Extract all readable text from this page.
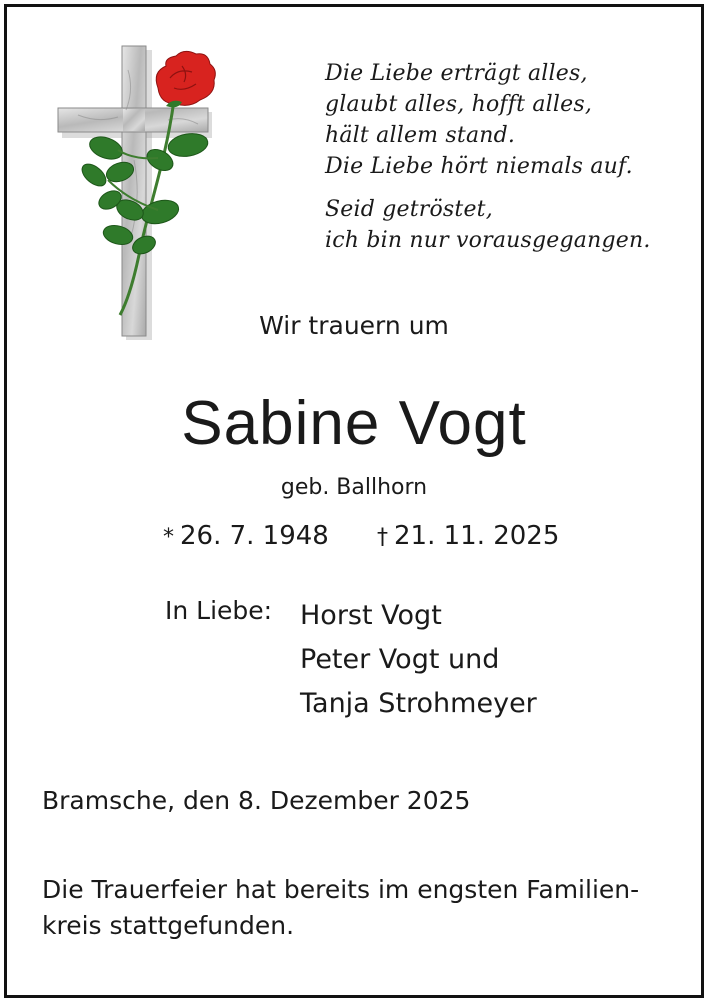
Die Liebe erträgt alles,
glaubt alles, hofft alles,
hält allem stand.
Die Liebe hört niemals auf.
Seid getröstet,
ich bin nur vorausgegangen.
Wir trauern um
Sabine Vogt
geb. Ballhorn
* 26. 7. 1948 † 21. 11. 2025
In Liebe: Horst Vogt
Peter Vogt und
Tanja Strohmeyer
Bramsche, den 8. Dezember 2025
Die Trauerfeier hat bereits im engsten Familien-
kreis stattgefunden.
